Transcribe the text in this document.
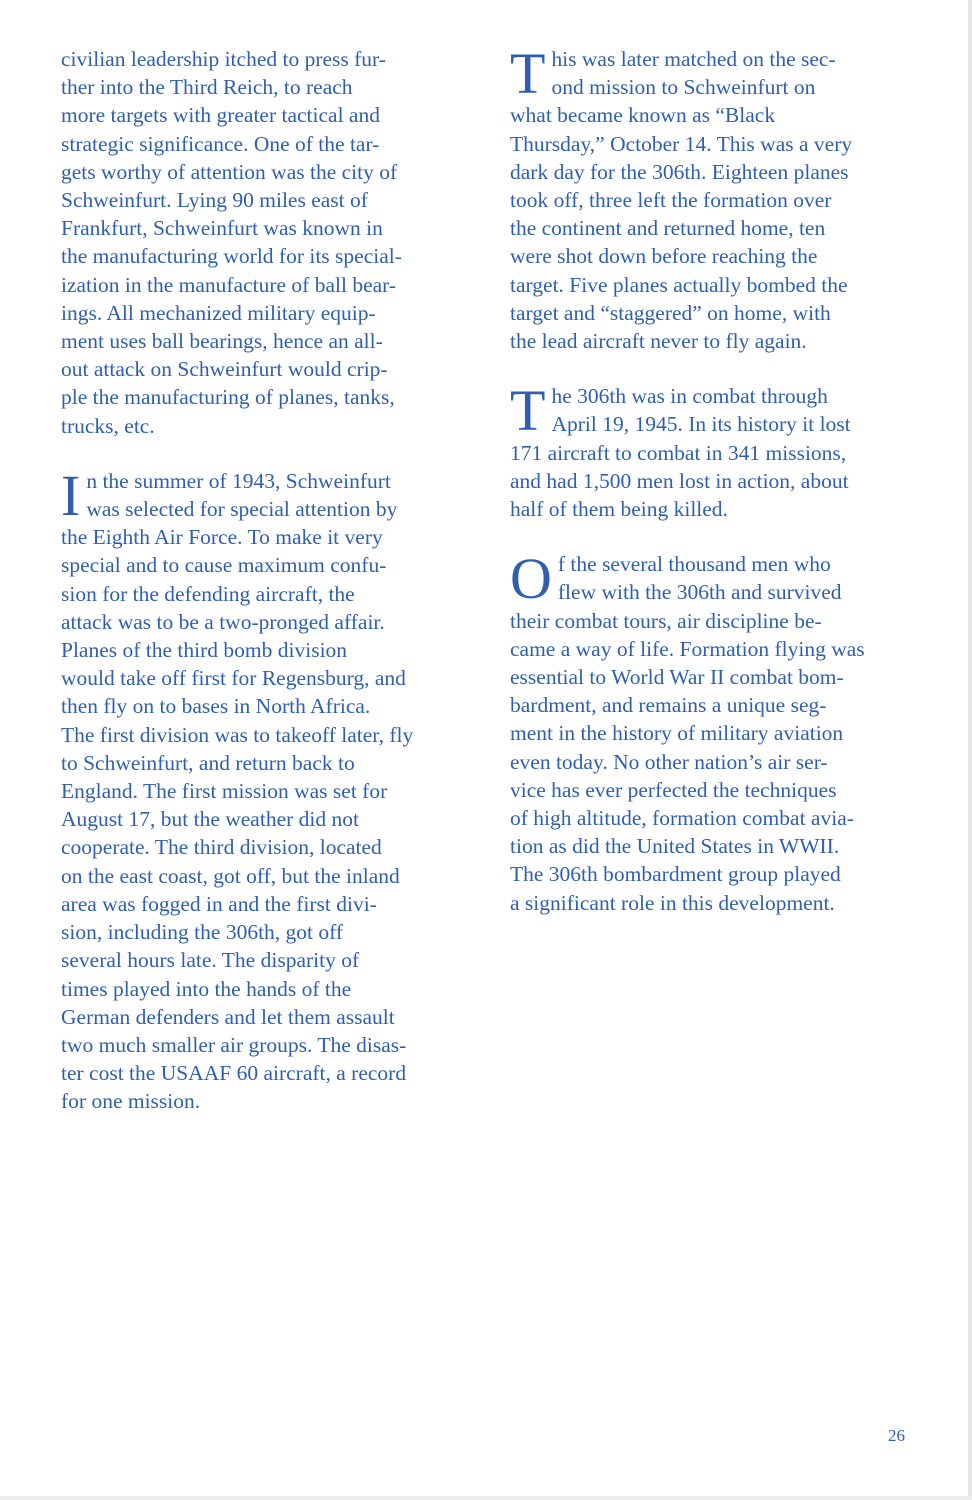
civilian leadership itched to press fur-
ther into the Third Reich, to reach
more targets with greater tactical and
strategic significance. One of the tar-
gets worthy of attention was the city of
Schweinfurt. Lying 90 miles east of
Frankfurt, Schweinfurt was known in
the manufacturing world for its special-
ization in the manufacture of ball bear-
ings. All mechanized military equip-
ment uses ball bearings, hence an all-
out attack on Schweinfurt would crip-
ple the manufacturing of planes, tanks,
trucks, etc.
I n the summer of 1943, Schweinfurt
was selected for special attention by
the Eighth Air Force. To make it very
special and to cause maximum confu-
sion for the defending aircraft, the
attack was to be a two-pronged affair.
Planes of the third bomb division
would take off first for Regensburg, and
then fly on to bases in North Africa.
The first division was to takeoff later, fly
to Schweinfurt, and return back to
England. The first mission was set for
August 17, but the weather did not
cooperate. The third division, located
on the east coast, got off, but the inland
area was fogged in and the first divi-
sion, including the 306th, got off
several hours late. The disparity of
times played into the hands of the
German defenders and let them assault
two much smaller air groups. The disas-
ter cost the USAAF 60 aircraft, a record
for one mission.
T his was later matched on the sec-
ond mission to Schweinfurt on
what became known as “Black
Thursday,” October 14. This was a very
dark day for the 306th. Eighteen planes
took off, three left the formation over
the continent and returned home, ten
were shot down before reaching the
target. Five planes actually bombed the
target and “staggered” on home, with
the lead aircraft never to fly again.
T he 306th was in combat through
April 19, 1945. In its history it lost
171 aircraft to combat in 341 missions,
and had 1,500 men lost in action, about
half of them being killed.
O f the several thousand men who
flew with the 306th and survived
their combat tours, air discipline be-
came a way of life. Formation flying was
essential to World War II combat bom-
bardment, and remains a unique seg-
ment in the history of military aviation
even today. No other nation’s air ser-
vice has ever perfected the techniques
of high altitude, formation combat avia-
tion as did the United States in WWII.
The 306th bombardment group played
a significant role in this development.
26
